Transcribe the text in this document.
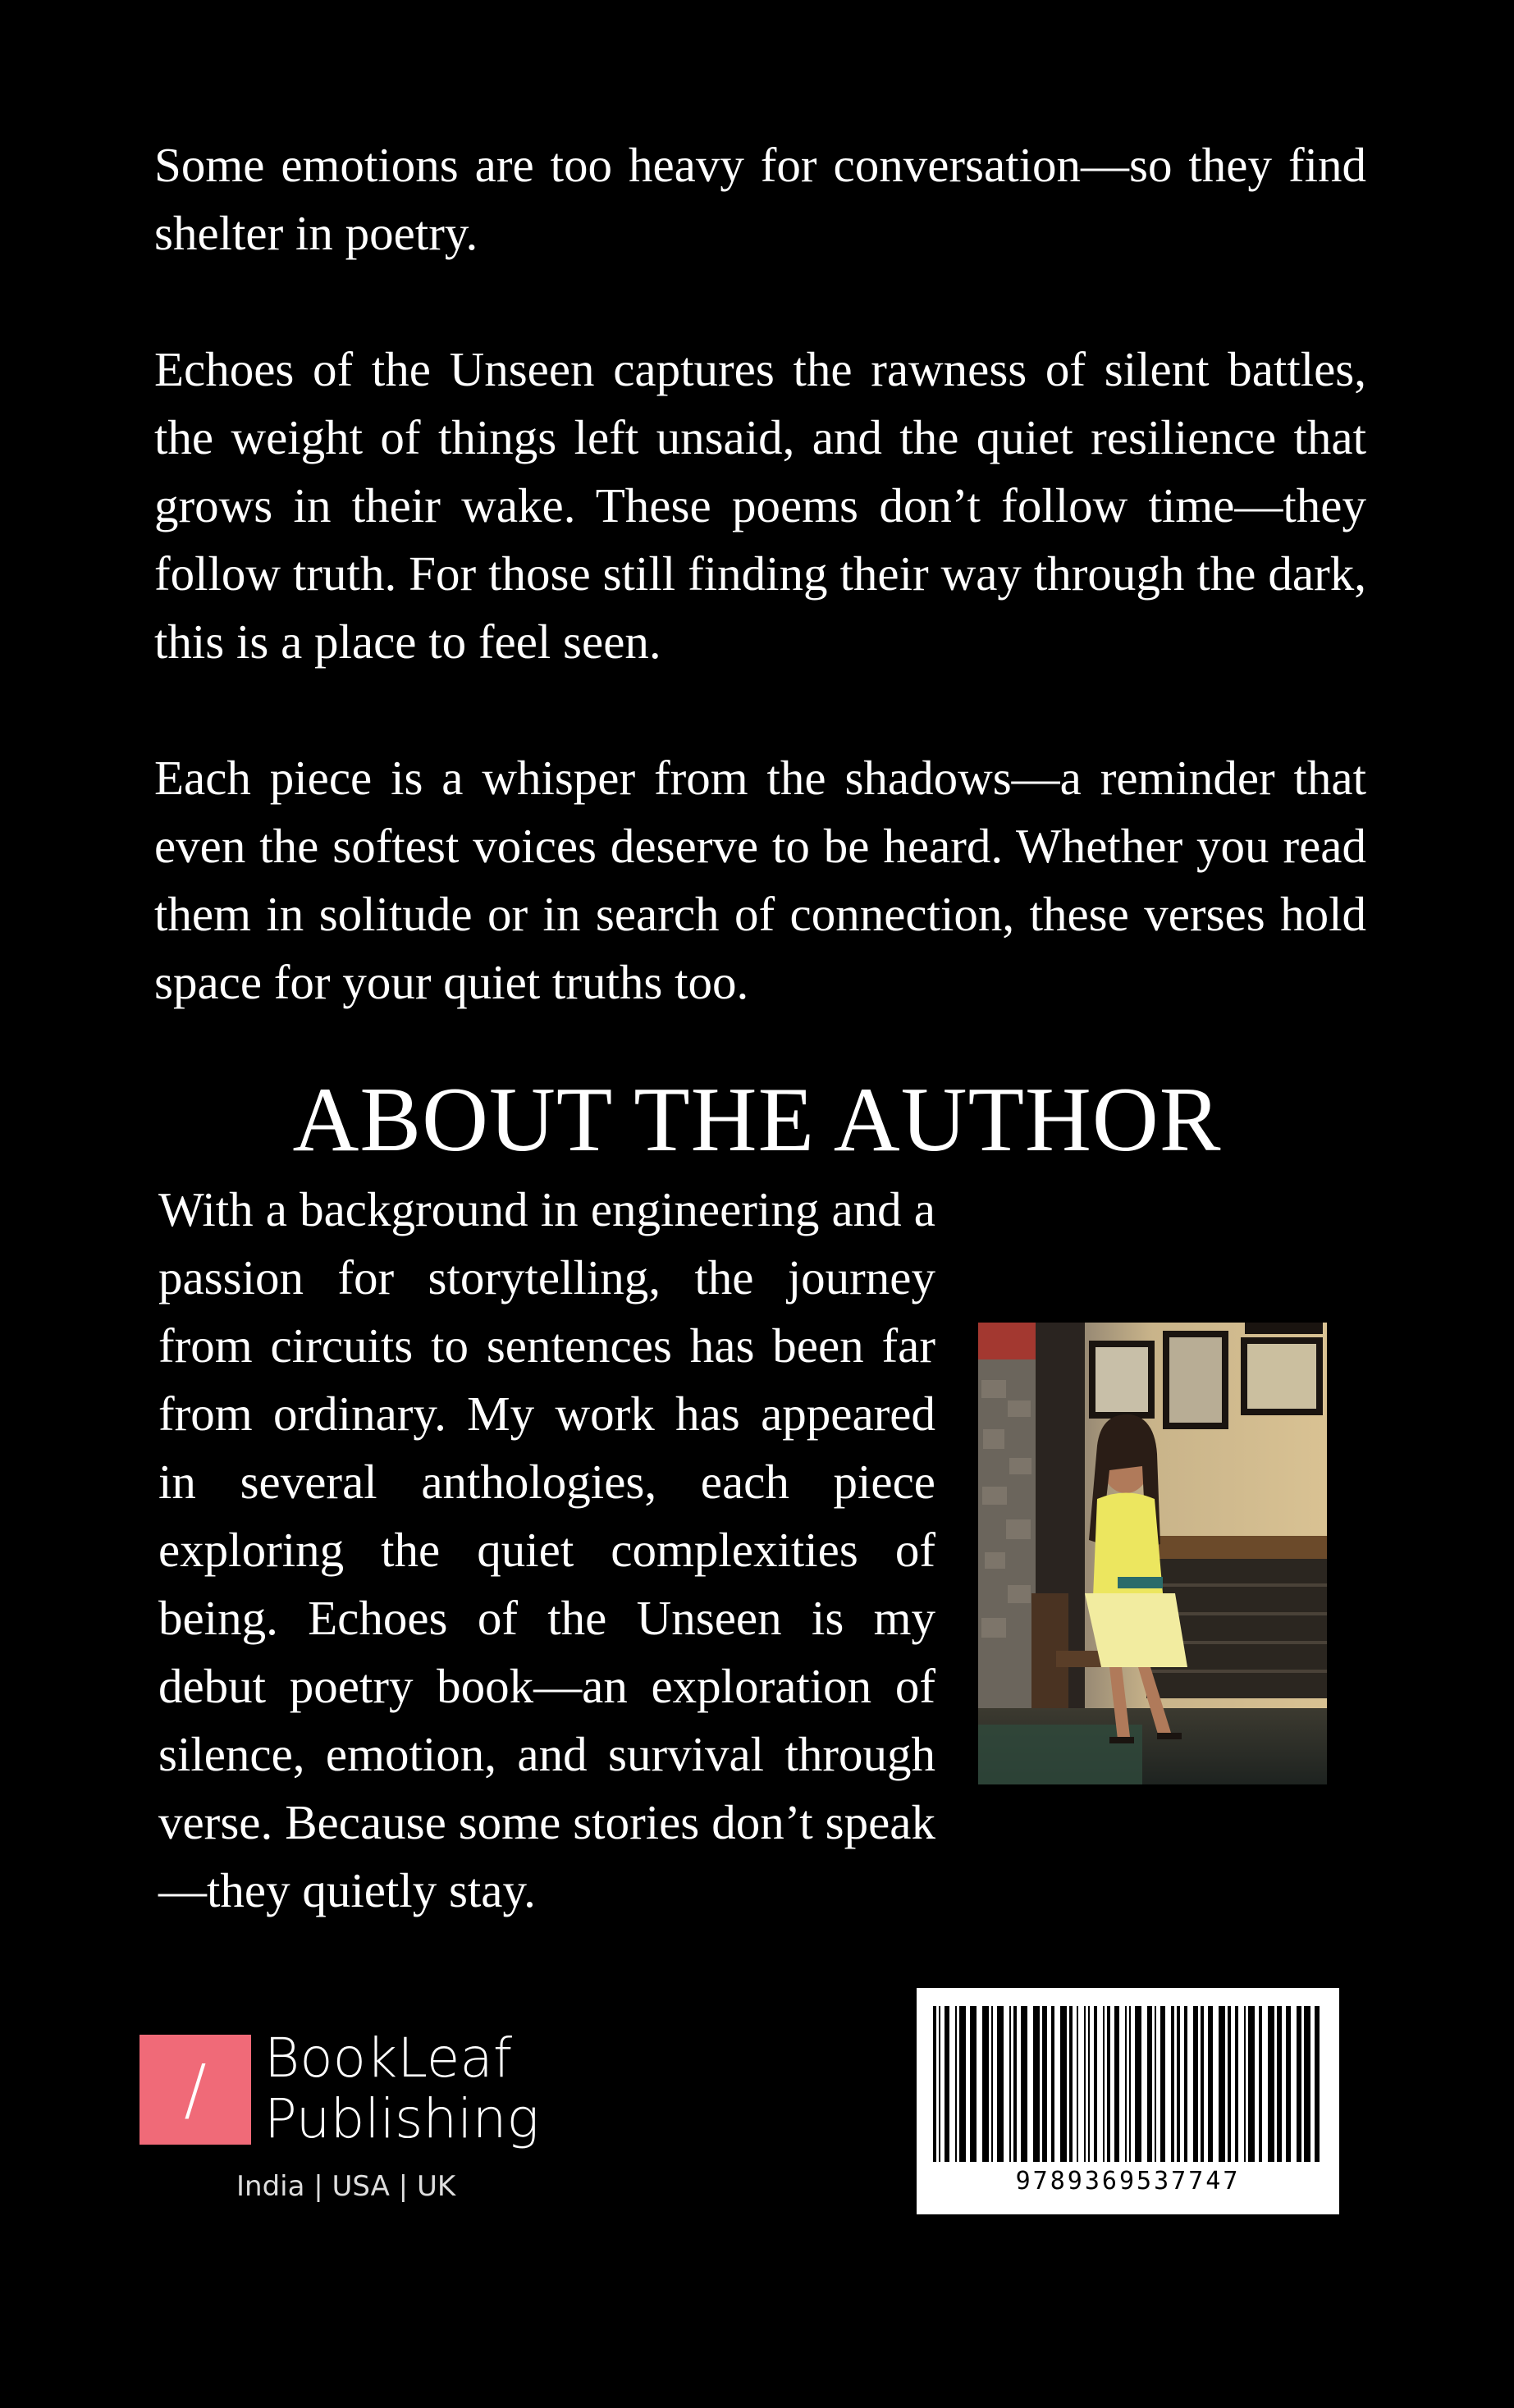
Some emotions are too heavy for conversation—so they find shelter in poetry.

Echoes of the Unseen captures the rawness of silent battles, the weight of things left unsaid, and the quiet resilience that grows in their wake. These poems don’t follow time—they follow truth. For those still finding their way through the dark, this is a place to feel seen.

Each piece is a whisper from the shadows—a reminder that even the softest voices deserve to be heard. Whether you read them in solitude or in search of connection, these verses hold space for your quiet truths too.

ABOUT THE AUTHOR

With a background in engineering and a passion for storytelling, the journey from circuits to sentences has been far from ordinary. My work has appeared in several anthologies, each piece exploring the quiet complexities of being. Echoes of the Unseen is my debut poetry book—an exploration of silence, emotion, and survival through verse. Because some stories don’t speak—they quietly stay.

/ BookLeaf
Publishing
India | USA | UK	9789369537747
